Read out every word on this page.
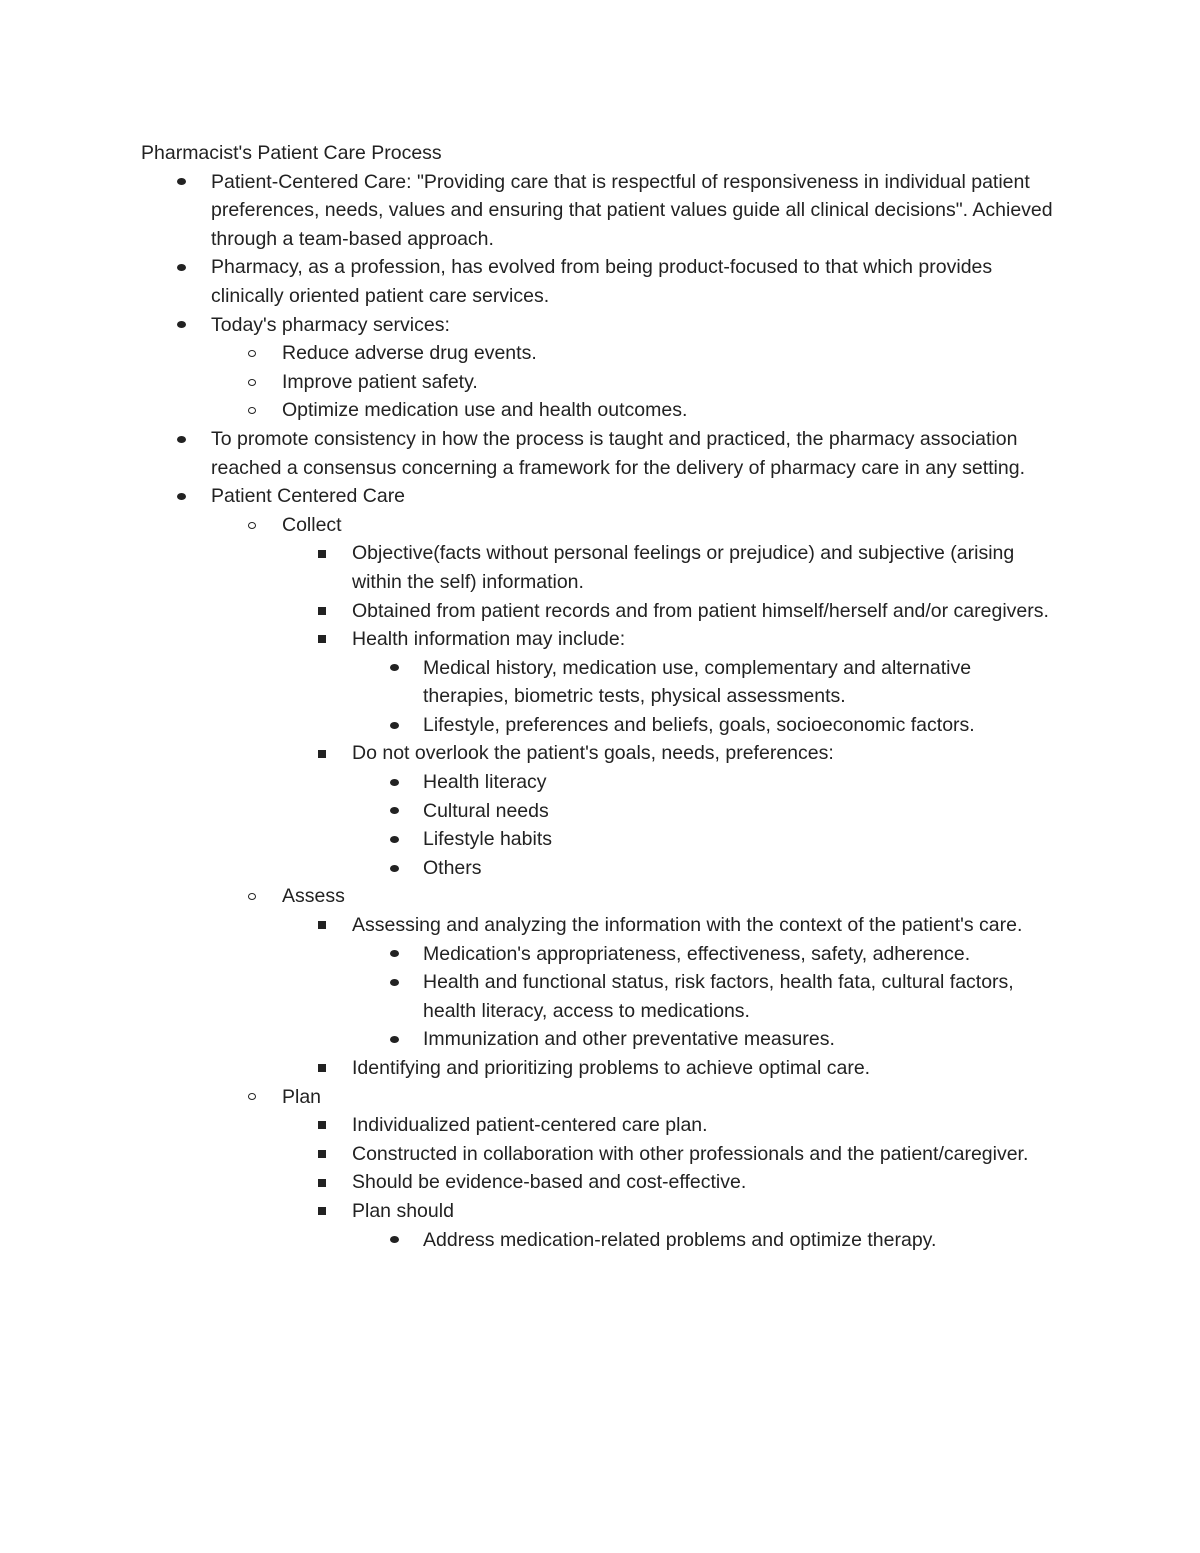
Pharmacist's Patient Care Process
Patient-Centered Care: "Providing care that is respectful of responsiveness in individual patient preferences, needs, values and ensuring that patient values guide all clinical decisions". Achieved through a team-based approach.
Pharmacy, as a profession, has evolved from being product-focused to that which provides clinically oriented patient care services.
Today's pharmacy services:
Reduce adverse drug events.
Improve patient safety.
Optimize medication use and health outcomes.
To promote consistency in how the process is taught and practiced, the pharmacy association reached a consensus concerning a framework for the delivery of pharmacy care in any setting.
Patient Centered Care
Collect
Objective(facts without personal feelings or prejudice) and subjective (arising within the self) information.
Obtained from patient records and from patient himself/herself and/or caregivers.
Health information may include:
Medical history, medication use, complementary and alternative therapies, biometric tests, physical assessments.
Lifestyle, preferences and beliefs, goals, socioeconomic factors.
Do not overlook the patient's goals, needs, preferences:
Health literacy
Cultural needs
Lifestyle habits
Others
Assess
Assessing and analyzing the information with the context of the patient's care.
Medication's appropriateness, effectiveness, safety, adherence.
Health and functional status, risk factors, health fata, cultural factors, health literacy, access to medications.
Immunization and other preventative measures.
Identifying and prioritizing problems to achieve optimal care.
Plan
Individualized patient-centered care plan.
Constructed in collaboration with other professionals and the patient/caregiver.
Should be evidence-based and cost-effective.
Plan should
Address medication-related problems and optimize therapy.
